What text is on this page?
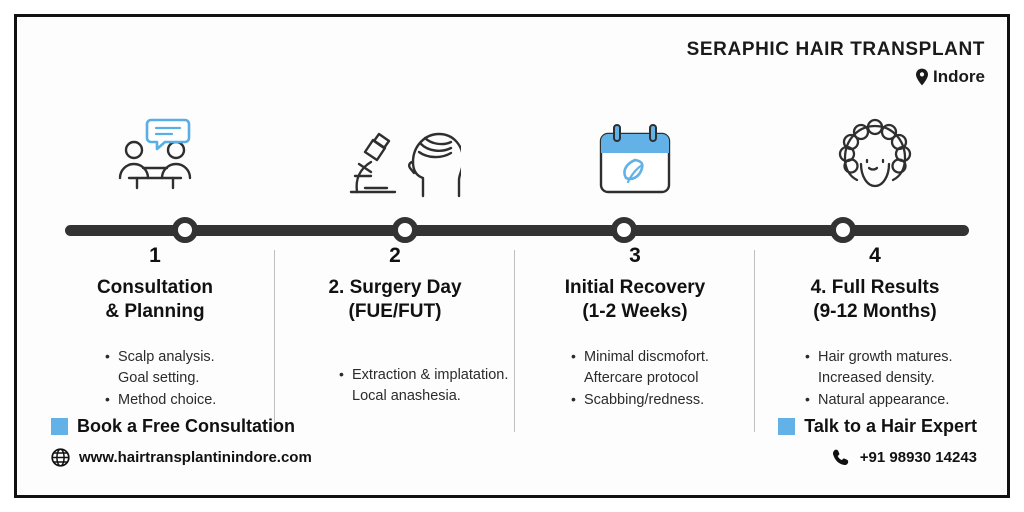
SERAPHIC HAIR TRANSPLANT
Indore
1
Consultation
& Planning
• Scalp analysis.
Goal setting.
• Method choice.
2
2. Surgery Day
(FUE/FUT)
• Extraction & implatation.
Local anashesia.
3
Initial Recovery
(1-2 Weeks)
• Minimal discmofort.
Aftercare protocol
• Scabbing/redness.
4
4. Full Results
(9-12 Months)
• Hair growth matures.
Increased density.
• Natural appearance.
Book a Free Consultation
www.hairtransplantinindore.com
Talk to a Hair Expert
+91 98930 14243
